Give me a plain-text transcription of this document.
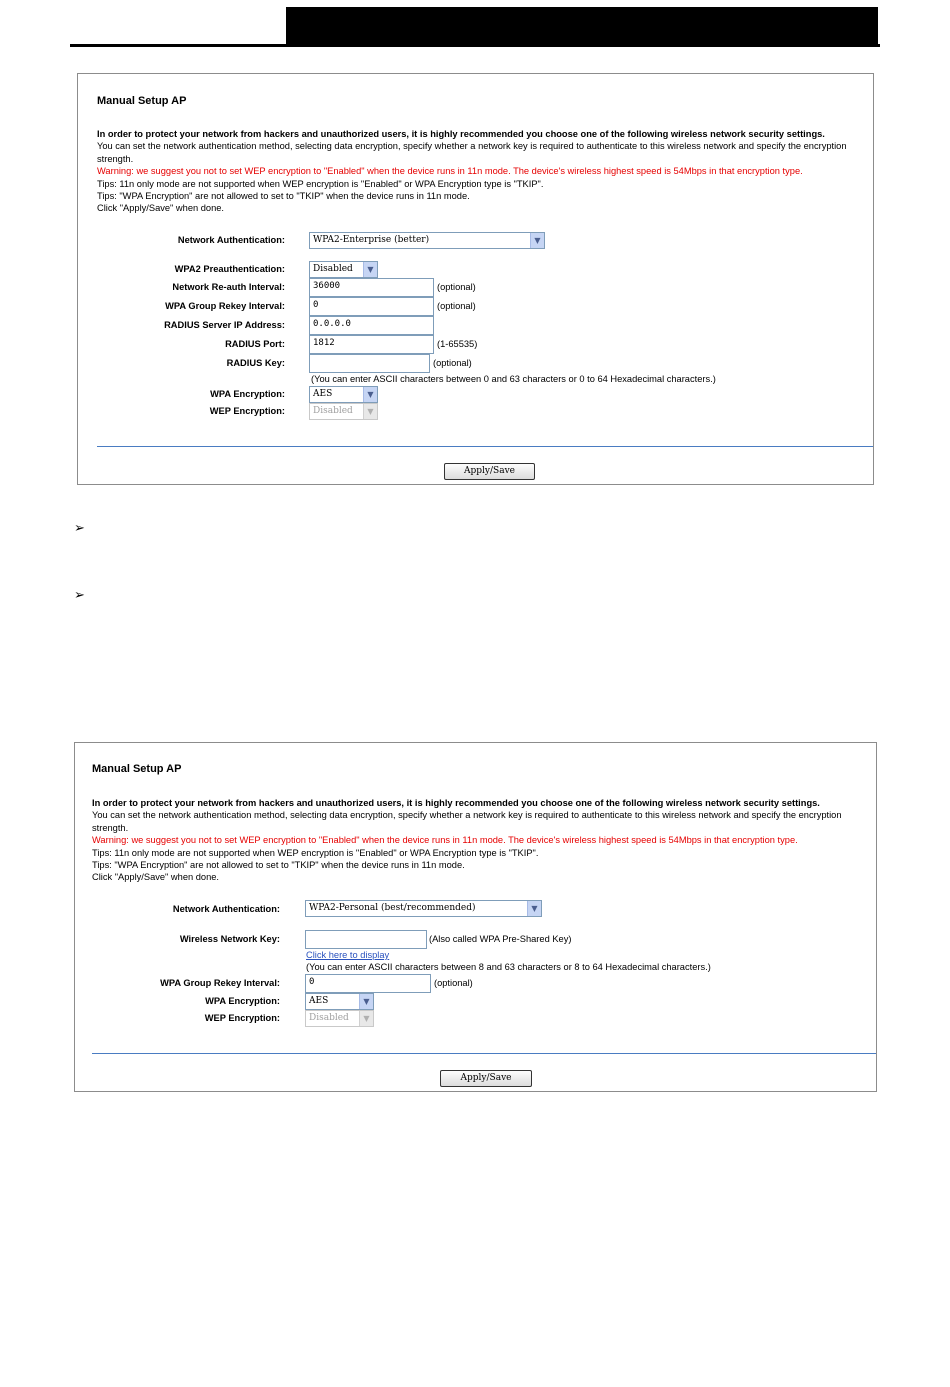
Manual Setup AP
In order to protect your network from hackers and unauthorized users, it is highly recommended you choose one of the following wireless network security settings.
You can set the network authentication method, selecting data encryption, specify whether a network key is required to authenticate to this wireless network and specify the encryption strength.
Warning: we suggest you not to set WEP encryption to "Enabled" when the device runs in 11n mode. The device's wireless highest speed is 54Mbps in that encryption type.
Tips: 11n only mode are not supported when WEP encryption is "Enabled" or WPA Encryption type is "TKIP".
Tips: "WPA Encryption" are not allowed to set to "TKIP" when the device runs in 11n mode.
Click "Apply/Save" when done.
Network Authentication:	WPA2-Enterprise (better)	▼
WPA2 Preauthentication:	Disabled	▼
Network Re-auth Interval:	36000	(optional)
WPA Group Rekey Interval:	0	(optional)
RADIUS Server IP Address:	0.0.0.0
RADIUS Port:	1812	(1-65535)
RADIUS Key:	(optional)
(You can enter ASCII characters between 0 and 63 characters or 0 to 64 Hexadecimal characters.)
WPA Encryption:	AES	▼
WEP Encryption:	Disabled	▼
Apply/Save
➢
➢
Manual Setup AP
In order to protect your network from hackers and unauthorized users, it is highly recommended you choose one of the following wireless network security settings.
You can set the network authentication method, selecting data encryption, specify whether a network key is required to authenticate to this wireless network and specify the encryption strength.
Warning: we suggest you not to set WEP encryption to "Enabled" when the device runs in 11n mode. The device's wireless highest speed is 54Mbps in that encryption type.
Tips: 11n only mode are not supported when WEP encryption is "Enabled" or WPA Encryption type is "TKIP".
Tips: "WPA Encryption" are not allowed to set to "TKIP" when the device runs in 11n mode.
Click "Apply/Save" when done.
Network Authentication:	WPA2-Personal (best/recommended)	▼
Wireless Network Key:	(Also called WPA Pre-Shared Key)
Click here to display
(You can enter ASCII characters between 8 and 63 characters or 8 to 64 Hexadecimal characters.)
WPA Group Rekey Interval:	0	(optional)
WPA Encryption:	AES	▼
WEP Encryption:	Disabled	▼
Apply/Save
